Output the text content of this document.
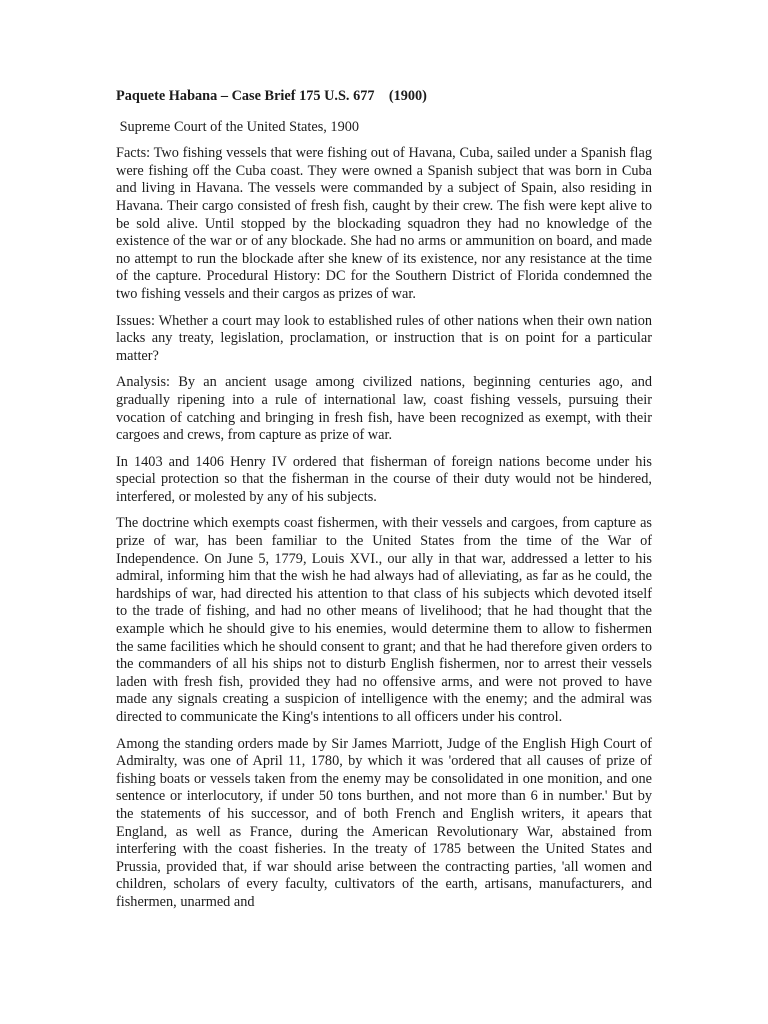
Paquete Habana – Case Brief 175 U.S. 677    (1900)
Supreme Court of the United States, 1900

Facts: Two fishing vessels that were fishing out of Havana, Cuba, sailed under a Spanish flag were fishing off the Cuba coast. They were owned a Spanish subject that was born in Cuba and living in Havana. The vessels were commanded by a subject of Spain, also residing in Havana. Their cargo consisted of fresh fish, caught by their crew. The fish were kept alive to be sold alive. Until stopped by the blockading squadron they had no knowledge of the existence of the war or of any blockade. She had no arms or ammunition on board, and made no attempt to run the blockade after she knew of its existence, nor any resistance at the time of the capture. Procedural History: DC for the Southern District of Florida condemned the two fishing vessels and their cargos as prizes of war.

Issues: Whether a court may look to established rules of other nations when their own nation lacks any treaty, legislation, proclamation, or instruction that is on point for a particular matter?

Analysis: By an ancient usage among civilized nations, beginning centuries ago, and gradually ripening into a rule of international law, coast fishing vessels, pursuing their vocation of catching and bringing in fresh fish, have been recognized as exempt, with their cargoes and crews, from capture as prize of war.

In 1403 and 1406 Henry IV ordered that fisherman of foreign nations become under his special protection so that the fisherman in the course of their duty would not be hindered, interfered, or molested by any of his subjects.

The doctrine which exempts coast fishermen, with their vessels and cargoes, from capture as prize of war, has been familiar to the United States from the time of the War of Independence. On June 5, 1779, Louis XVI., our ally in that war, addressed a letter to his admiral, informing him that the wish he had always had of alleviating, as far as he could, the hardships of war, had directed his attention to that class of his subjects which devoted itself to the trade of fishing, and had no other means of livelihood; that he had thought that the example which he should give to his enemies, would determine them to allow to fishermen the same facilities which he should consent to grant; and that he had therefore given orders to the commanders of all his ships not to disturb English fishermen, nor to arrest their vessels laden with fresh fish, provided they had no offensive arms, and were not proved to have made any signals creating a suspicion of intelligence with the enemy; and the admiral was directed to communicate the King's intentions to all officers under his control.

Among the standing orders made by Sir James Marriott, Judge of the English High Court of Admiralty, was one of April 11, 1780, by which it was 'ordered that all causes of prize of fishing boats or vessels taken from the enemy may be consolidated in one monition, and one sentence or interlocutory, if under 50 tons burthen, and not more than 6 in number.' But by the statements of his successor, and of both French and English writers, it apears that England, as well as France, during the American Revolutionary War, abstained from interfering with the coast fisheries. In the treaty of 1785 between the United States and Prussia, provided that, if war should arise between the contracting parties, 'all women and children, scholars of every faculty, cultivators of the earth, artisans, manufacturers, and fishermen, unarmed and
